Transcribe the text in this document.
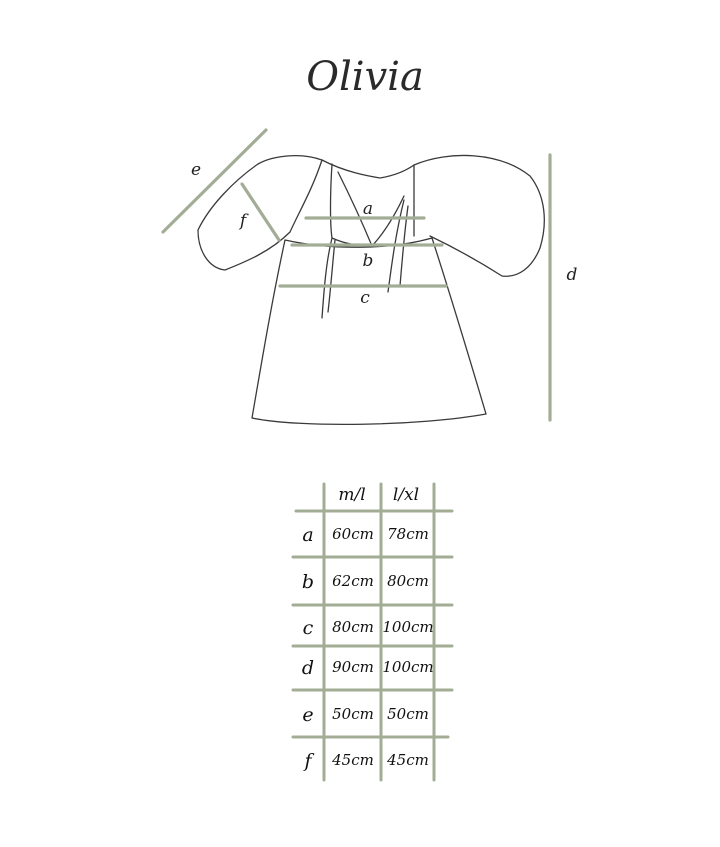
Olivia
a
b
c
d
e
f
m/l l/xl
a 60cm 78cm
b 62cm 80cm
c 80cm 100cm
d 90cm 100cm
e 50cm 50cm
f 45cm 45cm
